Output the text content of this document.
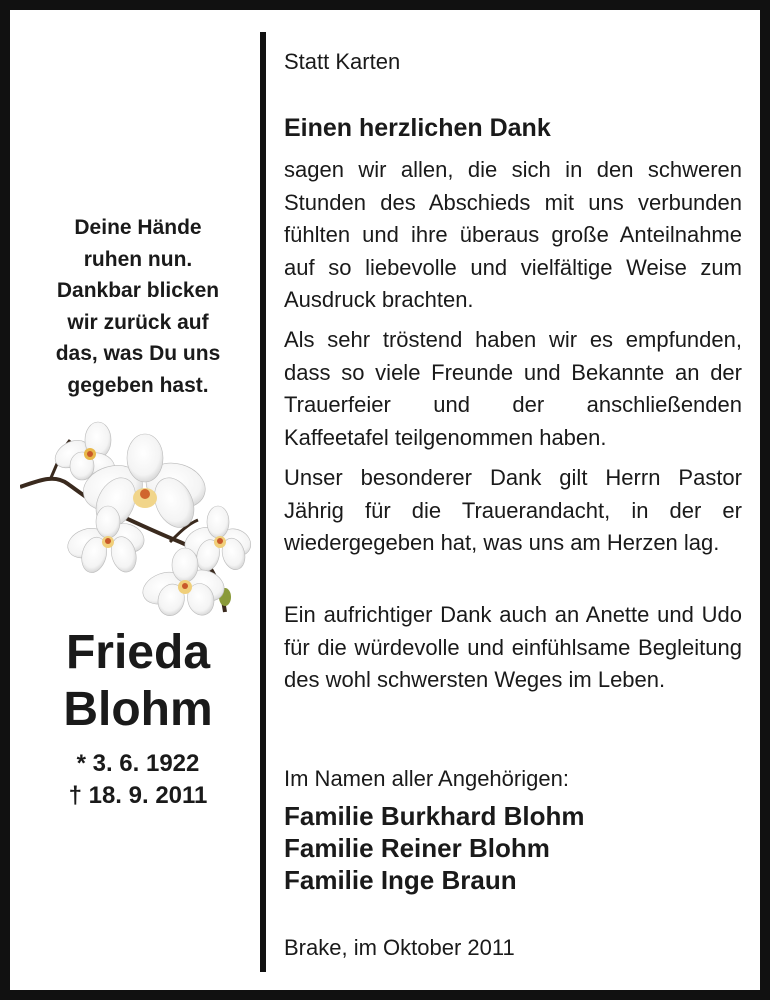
Deine Hände
ruhen nun.
Dankbar blicken
wir zurück auf
das, was Du uns
gegeben hast.
Frieda
Blohm
* 3. 6. 1922
† 18. 9. 2011
Statt Karten
Einen herzlichen Dank
sagen wir allen, die sich in den schweren Stunden des Abschieds mit uns verbunden fühlten und ihre überaus große Anteilnahme auf so liebevolle und vielfältige Weise zum Ausdruck brachten.
Als sehr tröstend haben wir es empfunden, dass so viele Freunde und Bekannte an der Trauerfeier und der anschließenden Kaffeetafel teilgenommen haben.
Unser besonderer Dank gilt Herrn Pastor Jährig für die Trauerandacht, in der er wiedergegeben hat, was uns am Herzen lag.
Ein aufrichtiger Dank auch an Anette und Udo für die würdevolle und einfühlsame Begleitung des wohl schwersten Weges im Leben.
Im Namen aller Angehörigen:
Familie Burkhard Blohm
Familie Reiner Blohm
Familie Inge Braun
Brake, im Oktober 2011
